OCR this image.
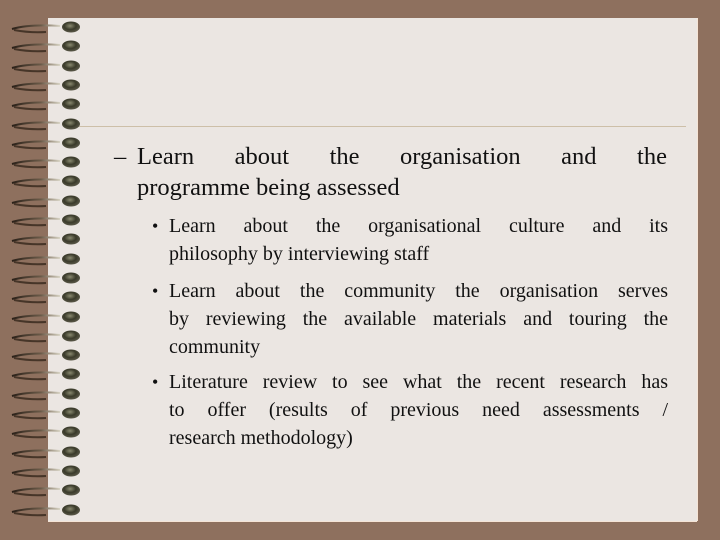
– Learn about the organisation and the
programme being assessed
• Learn about the organisational culture and its
philosophy by interviewing staff
• Learn about the community the organisation serves
by reviewing the available materials and touring the
community
• Literature review to see what the recent research has
to offer (results of previous need assessments /
research methodology)
